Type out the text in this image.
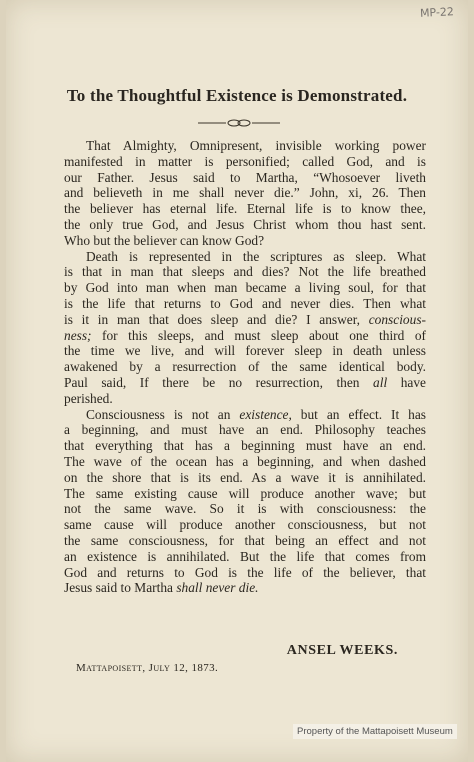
MP-22
To the Thoughtful Existence is Demonstrated.
That Almighty, Omnipresent, invisible working power
manifested in matter is personified; called God, and is
our Father. Jesus said to Martha, “Whosoever liveth
and believeth in me shall never die.” John, xi, 26. Then
the believer has eternal life. Eternal life is to know thee,
the only true God, and Jesus Christ whom thou hast sent.
Who but the believer can know God?
Death is represented in the scriptures as sleep. What
is that in man that sleeps and dies? Not the life breathed
by God into man when man became a living soul, for that
is the life that returns to God and never dies. Then what
is it in man that does sleep and die? I answer, conscious-
ness; for this sleeps, and must sleep about one third of
the time we live, and will forever sleep in death unless
awakened by a resurrection of the same identical body.
Paul said, If there be no resurrection, then all have
perished.
Consciousness is not an existence, but an effect. It has
a beginning, and must have an end. Philosophy teaches
that everything that has a beginning must have an end.
The wave of the ocean has a beginning, and when dashed
on the shore that is its end. As a wave it is annihilated.
The same existing cause will produce another wave; but
not the same wave. So it is with consciousness: the
same cause will produce another consciousness, but not
the same consciousness, for that being an effect and not
an existence is annihilated. But the life that comes from
God and returns to God is the life of the believer, that
Jesus said to Martha shall never die.
ANSEL WEEKS.
Mattapoisett, July 12, 1873.
Property of the Mattapoisett Museum
